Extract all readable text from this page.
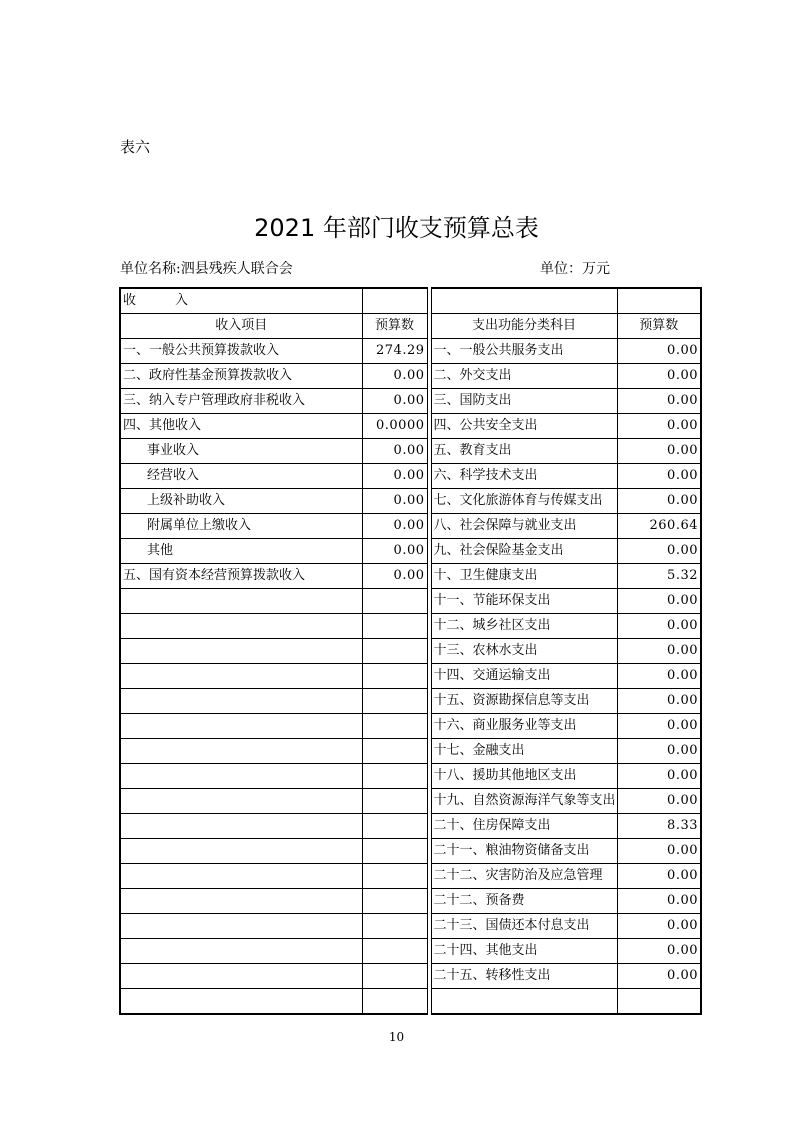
表六
2021 年部门收支预算总表
单位名称:泗县残疾人联合会	单位：万元
收　　　入				
收入项目	预算数		支出功能分类科目	预算数
一、一般公共预算拨款收入	274.29		一、一般公共服务支出	0.00
二、政府性基金预算拨款收入	0.00		二、外交支出	0.00
三、纳入专户管理政府非税收入	0.00		三、国防支出	0.00
四、其他收入	0.0000		四、公共安全支出	0.00
事业收入	0.00		五、教育支出	0.00
经营收入	0.00		六、科学技术支出	0.00
上级补助收入	0.00		七、文化旅游体育与传媒支出	0.00
附属单位上缴收入	0.00		八、社会保障与就业支出	260.64
其他	0.00		九、社会保险基金支出	0.00
五、国有资本经营预算拨款收入	0.00		十、卫生健康支出	5.32
			十一、节能环保支出	0.00
			十二、城乡社区支出	0.00
			十三、农林水支出	0.00
			十四、交通运输支出	0.00
			十五、资源勘探信息等支出	0.00
			十六、商业服务业等支出	0.00
			十七、金融支出	0.00
			十八、援助其他地区支出	0.00
			十九、自然资源海洋气象等支出	0.00
			二十、住房保障支出	8.33
			二十一、粮油物资储备支出	0.00
			二十二、灾害防治及应急管理	0.00
			二十二、预备费	0.00
			二十三、国债还本付息支出	0.00
			二十四、其他支出	0.00
			二十五、转移性支出	0.00

10
